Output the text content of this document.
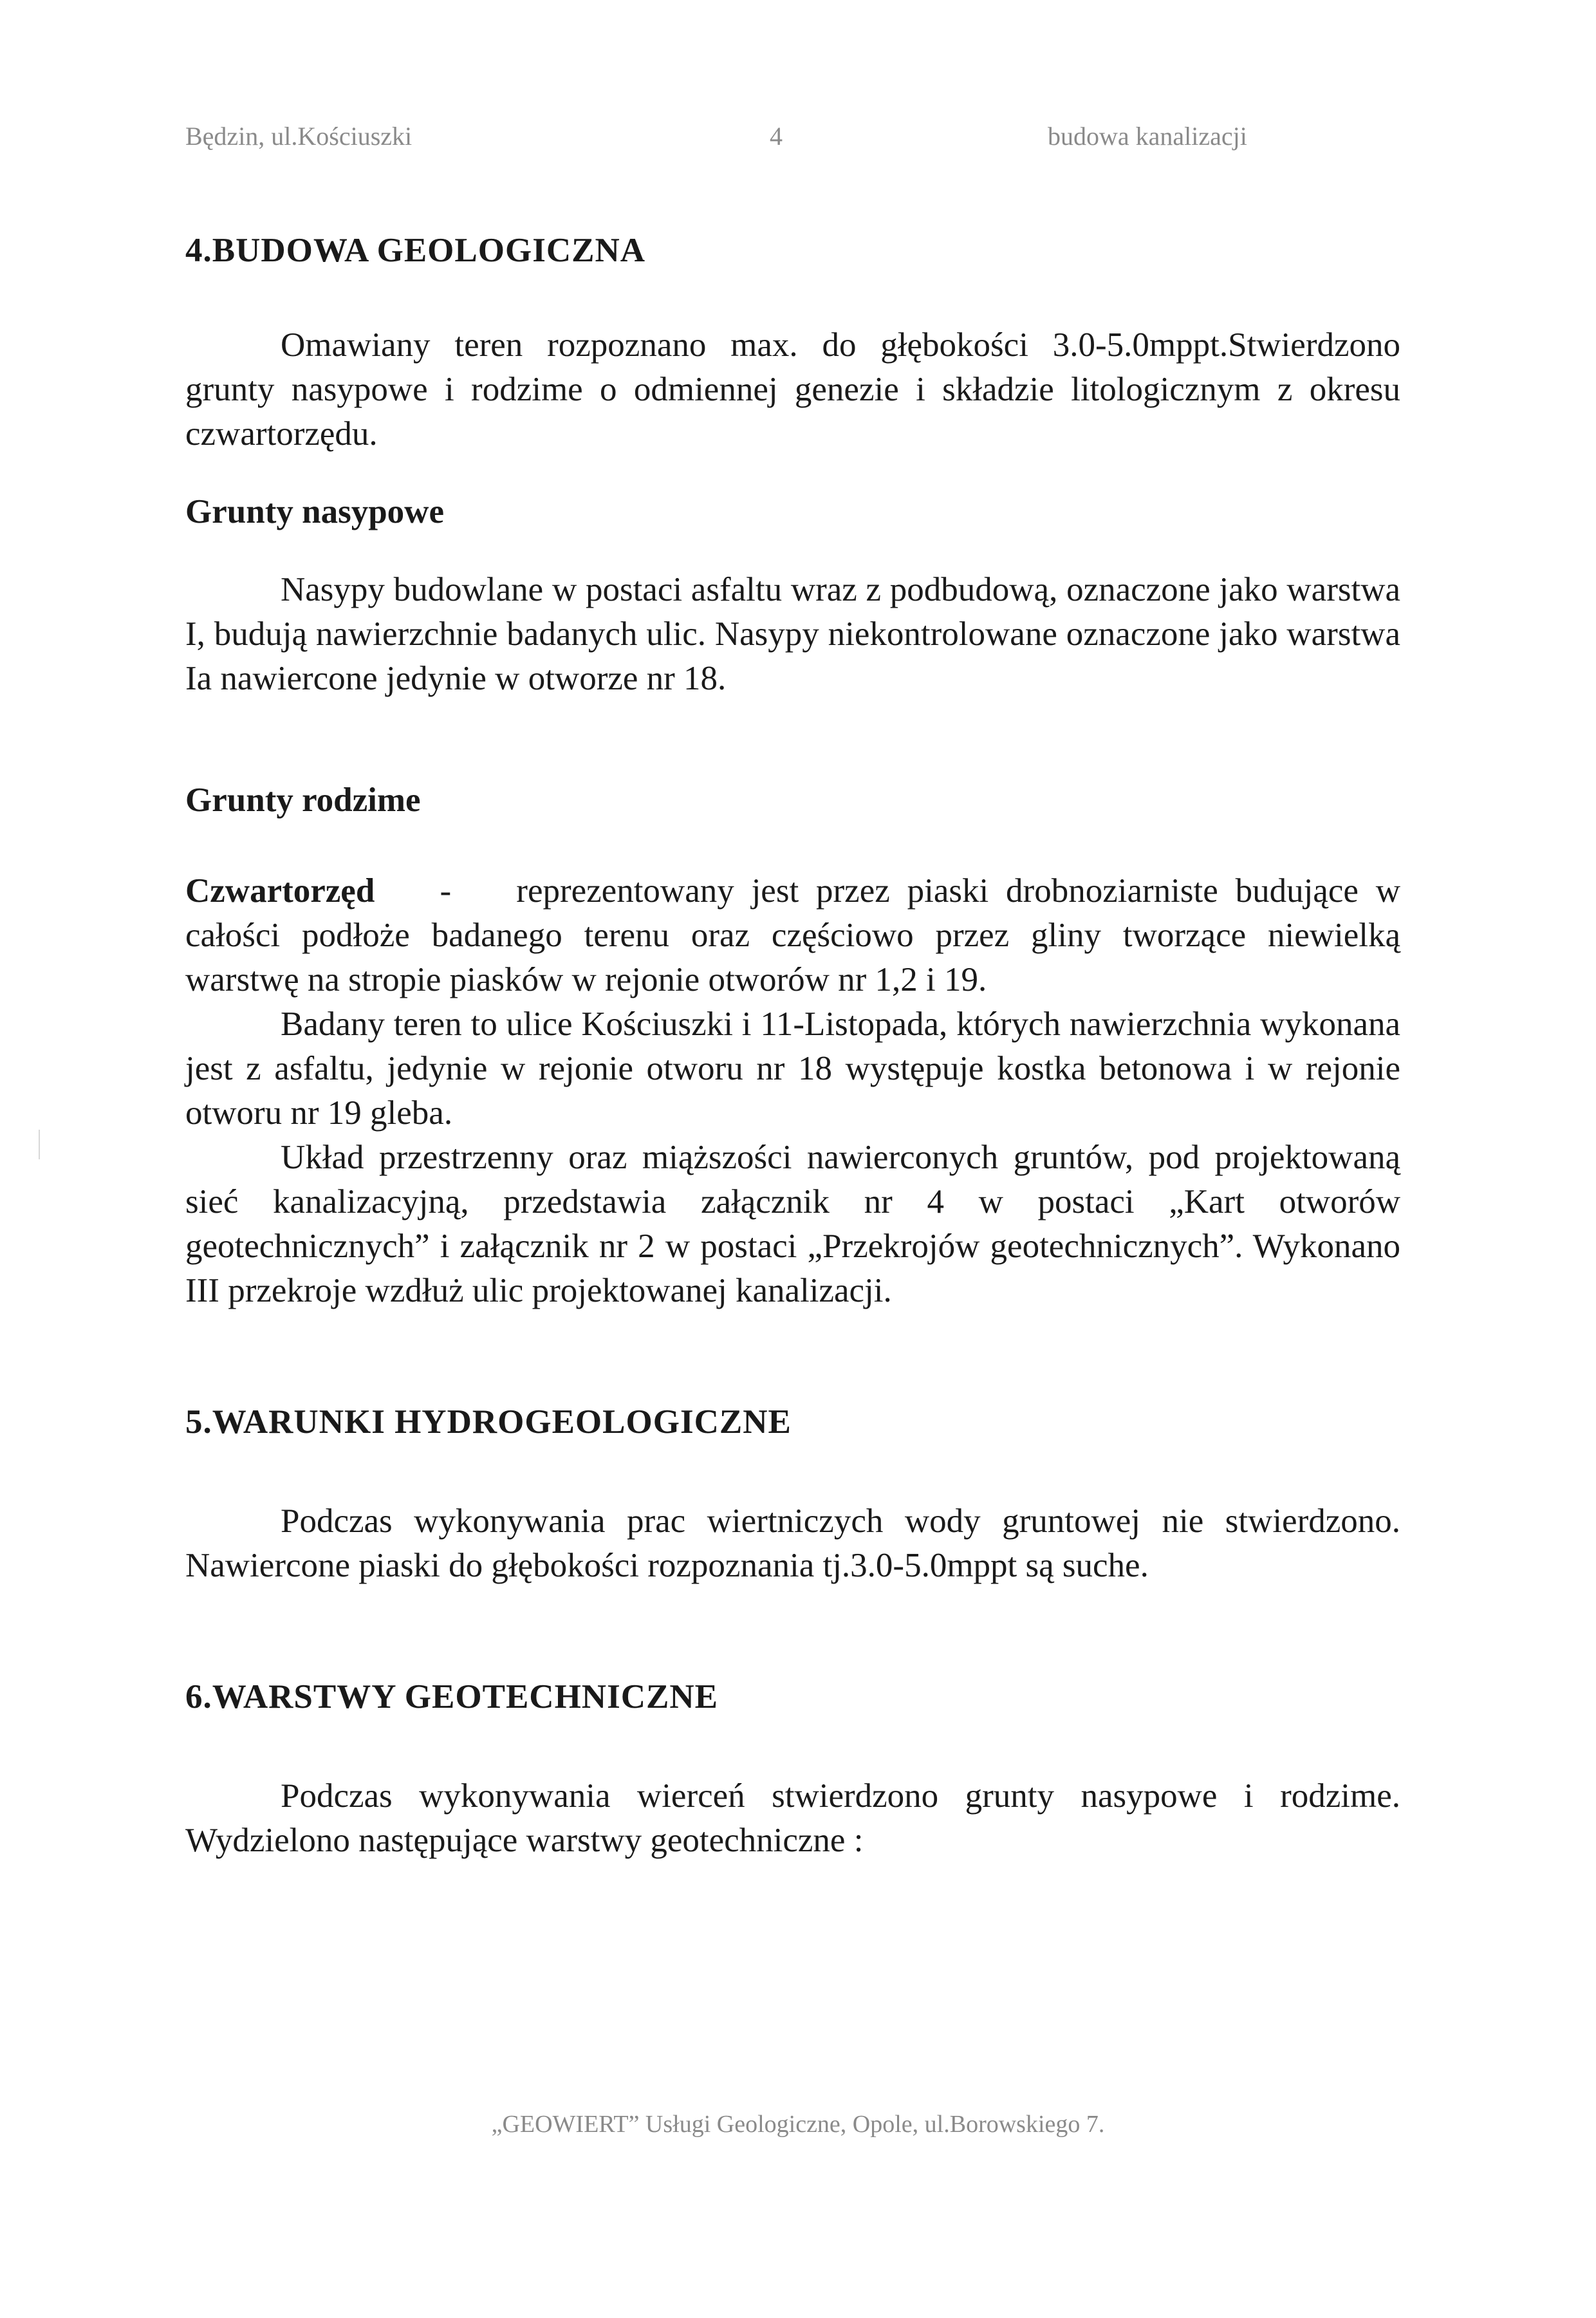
Będzin, ul.Kościuszki	4	budowa kanalizacji
4.BUDOWA GEOLOGICZNA

Omawiany teren rozpoznano max. do głębokości 3.0-5.0mppt.Stwierdzono grunty nasypowe i rodzime o odmiennej genezie i składzie litologicznym z okresu czwartorzędu.

Grunty nasypowe

Nasypy budowlane w postaci asfaltu wraz z podbudową, oznaczone jako warstwa I, budują nawierzchnie badanych ulic. Nasypy niekontrolowane oznaczone jako warstwa Ia nawiercone jedynie w otworze nr 18.

Grunty rodzime

Czwartorzęd - reprezentowany jest przez piaski drobnoziarniste budujące w całości podłoże badanego terenu oraz częściowo przez gliny tworzące niewielką warstwę na stropie piasków w rejonie otworów nr 1,2 i 19.

Badany teren to ulice Kościuszki i 11-Listopada, których nawierzchnia wykonana jest z asfaltu, jedynie w rejonie otworu nr 18 występuje kostka betonowa i w rejonie otworu nr 19 gleba.

Układ przestrzenny oraz miąższości nawierconych gruntów, pod projektowaną sieć kanalizacyjną, przedstawia załącznik nr 4 w postaci „Kart otworów geotechnicznych” i załącznik nr 2 w postaci „Przekrojów geotechnicznych”. Wykonano III przekroje wzdłuż ulic projektowanej kanalizacji.

5.WARUNKI HYDROGEOLOGICZNE

Podczas wykonywania prac wiertniczych wody gruntowej nie stwierdzono. Nawiercone piaski do głębokości rozpoznania tj.3.0-5.0mppt są suche.

6.WARSTWY GEOTECHNICZNE

Podczas wykonywania wierceń stwierdzono grunty nasypowe i rodzime. Wydzielono następujące warstwy geotechniczne :

„GEOWIERT” Usługi Geologiczne, Opole, ul.Borowskiego 7.
